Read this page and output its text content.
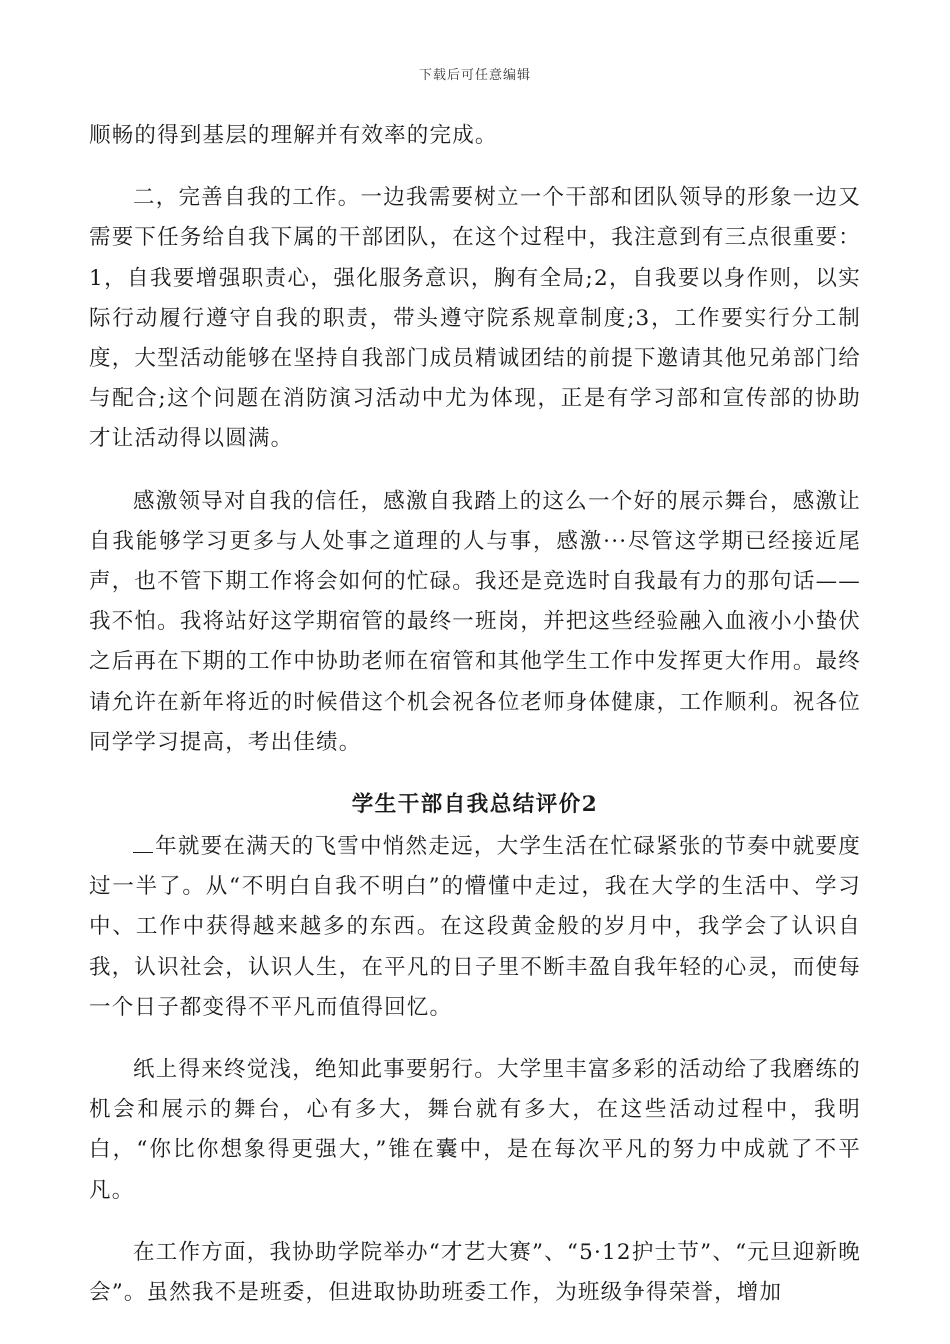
下载后可任意编辑

顺畅的得到基层的理解并有效率的完成。

二，完善自我的工作。一边我需要树立一个干部和团队领导的形象一边又需要下任务给自我下属的干部团队，在这个过程中，我注意到有三点很重要：1，自我要增强职责心，强化服务意识，胸有全局;2，自我要以身作则，以实际行动履行遵守自我的职责，带头遵守院系规章制度;3，工作要实行分工制度，大型活动能够在坚持自我部门成员精诚团结的前提下邀请其他兄弟部门给与配合;这个问题在消防演习活动中尤为体现，正是有学习部和宣传部的协助才让活动得以圆满。

感激领导对自我的信任，感激自我踏上的这么一个好的展示舞台，感激让自我能够学习更多与人处事之道理的人与事，感激···尽管这学期已经接近尾声，也不管下期工作将会如何的忙碌。我还是竞选时自我最有力的那句话——我不怕。我将站好这学期宿管的最终一班岗，并把这些经验融入血液小小蛰伏之后再在下期的工作中协助老师在宿管和其他学生工作中发挥更大作用。最终请允许在新年将近的时候借这个机会祝各位老师身体健康，工作顺利。祝各位同学学习提高，考出佳绩。

学生干部自我总结评价2

年就要在满天的飞雪中悄然走远，大学生活在忙碌紧张的节奏中就要度过一半了。从“不明白自我不明白”的懵懂中走过，我在大学的生活中、学习中、工作中获得越来越多的东西。在这段黄金般的岁月中，我学会了认识自我，认识社会，认识人生，在平凡的日子里不断丰盈自我年轻的心灵，而使每一个日子都变得不平凡而值得回忆。

纸上得来终觉浅，绝知此事要躬行。大学里丰富多彩的活动给了我磨练的机会和展示的舞台，心有多大，舞台就有多大，在这些活动过程中，我明白，“你比你想象得更强大，”锥在囊中，是在每次平凡的努力中成就了不平凡。

在工作方面，我协助学院举办“才艺大赛”、“5·12护士节”、“元旦迎新晚会”。虽然我不是班委，但进取协助班委工作，为班级争得荣誉，增加
